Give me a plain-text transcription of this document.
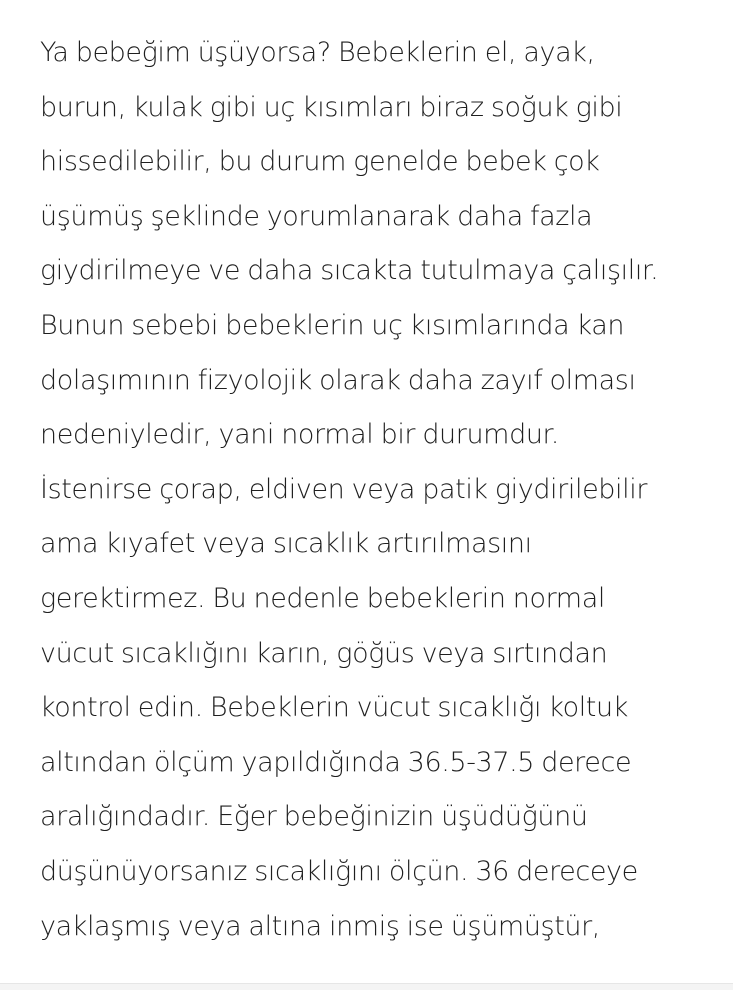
Ya bebeğim üşüyorsa? Bebeklerin el, ayak,
burun, kulak gibi uç kısımları biraz soğuk gibi
hissedilebilir, bu durum genelde bebek çok
üşümüş şeklinde yorumlanarak daha fazla
giydirilmeye ve daha sıcakta tutulmaya çalışılır.
Bunun sebebi bebeklerin uç kısımlarında kan
dolaşımının fizyolojik olarak daha zayıf olması
nedeniyledir, yani normal bir durumdur.
İstenirse çorap, eldiven veya patik giydirilebilir
ama kıyafet veya sıcaklık artırılmasını
gerektirmez. Bu nedenle bebeklerin normal
vücut sıcaklığını karın, göğüs veya sırtından
kontrol edin. Bebeklerin vücut sıcaklığı koltuk
altından ölçüm yapıldığında 36.5-37.5 derece
aralığındadır. Eğer bebeğinizin üşüdüğünü
düşünüyorsanız sıcaklığını ölçün. 36 dereceye
yaklaşmış veya altına inmiş ise üşümüştür,
